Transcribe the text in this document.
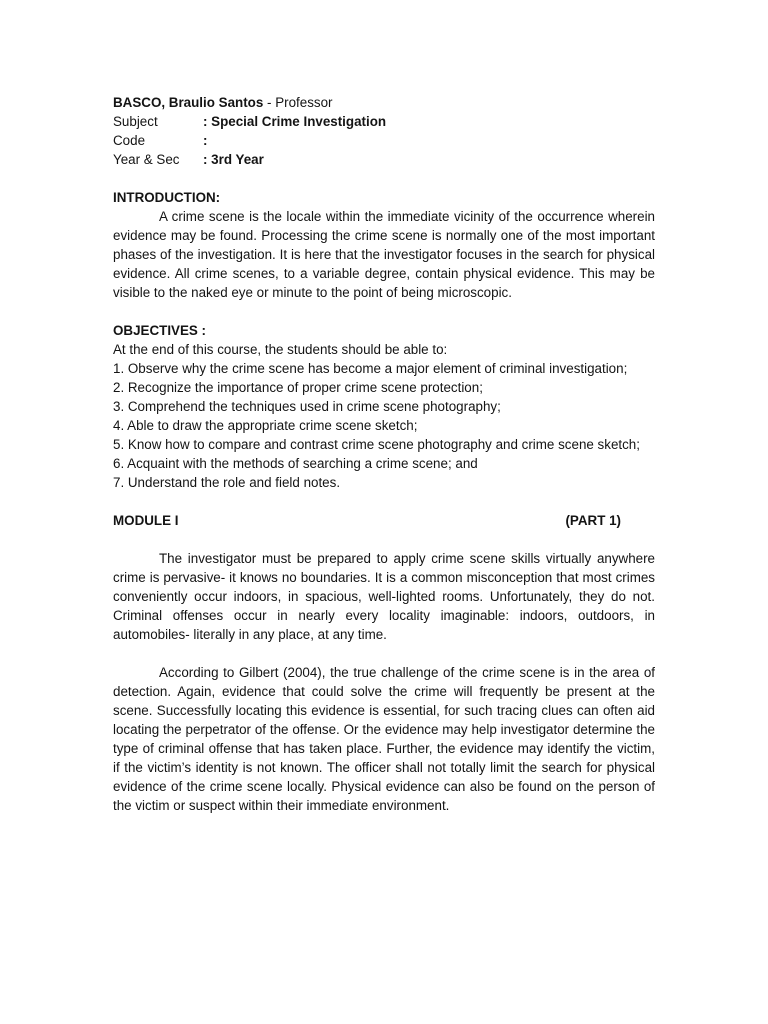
BASCO, Braulio Santos - Professor
Subject	: Special Crime Investigation
Code	:
Year & Sec	: 3rd Year
INTRODUCTION:
A crime scene is the locale within the immediate vicinity of the occurrence wherein evidence may be found. Processing the crime scene is normally one of the most important phases of the investigation. It is here that the investigator focuses in the search for physical evidence. All crime scenes, to a variable degree, contain physical evidence. This may be visible to the naked eye or minute to the point of being microscopic.
OBJECTIVES :
At the end of this course, the students should be able to:
1. Observe why the crime scene has become a major element of criminal investigation;
2. Recognize the importance of proper crime scene protection;
3. Comprehend the techniques used in crime scene photography;
4. Able to draw the appropriate crime scene sketch;
5. Know how to compare and contrast crime scene photography and crime scene sketch;
6. Acquaint with the methods of searching a crime scene; and
7. Understand the role and field notes.
MODULE I	(PART 1)
The investigator must be prepared to apply crime scene skills virtually anywhere crime is pervasive- it knows no boundaries. It is a common misconception that most crimes conveniently occur indoors, in spacious, well-lighted rooms. Unfortunately, they do not. Criminal offenses occur in nearly every locality imaginable: indoors, outdoors, in automobiles- literally in any place, at any time.
According to Gilbert (2004), the true challenge of the crime scene is in the area of detection. Again, evidence that could solve the crime will frequently be present at the scene. Successfully locating this evidence is essential, for such tracing clues can often aid locating the perpetrator of the offense. Or the evidence may help investigator determine the type of criminal offense that has taken place. Further, the evidence may identify the victim, if the victim’s identity is not known. The officer shall not totally limit the search for physical evidence of the crime scene locally. Physical evidence can also be found on the person of the victim or suspect within their immediate environment.
